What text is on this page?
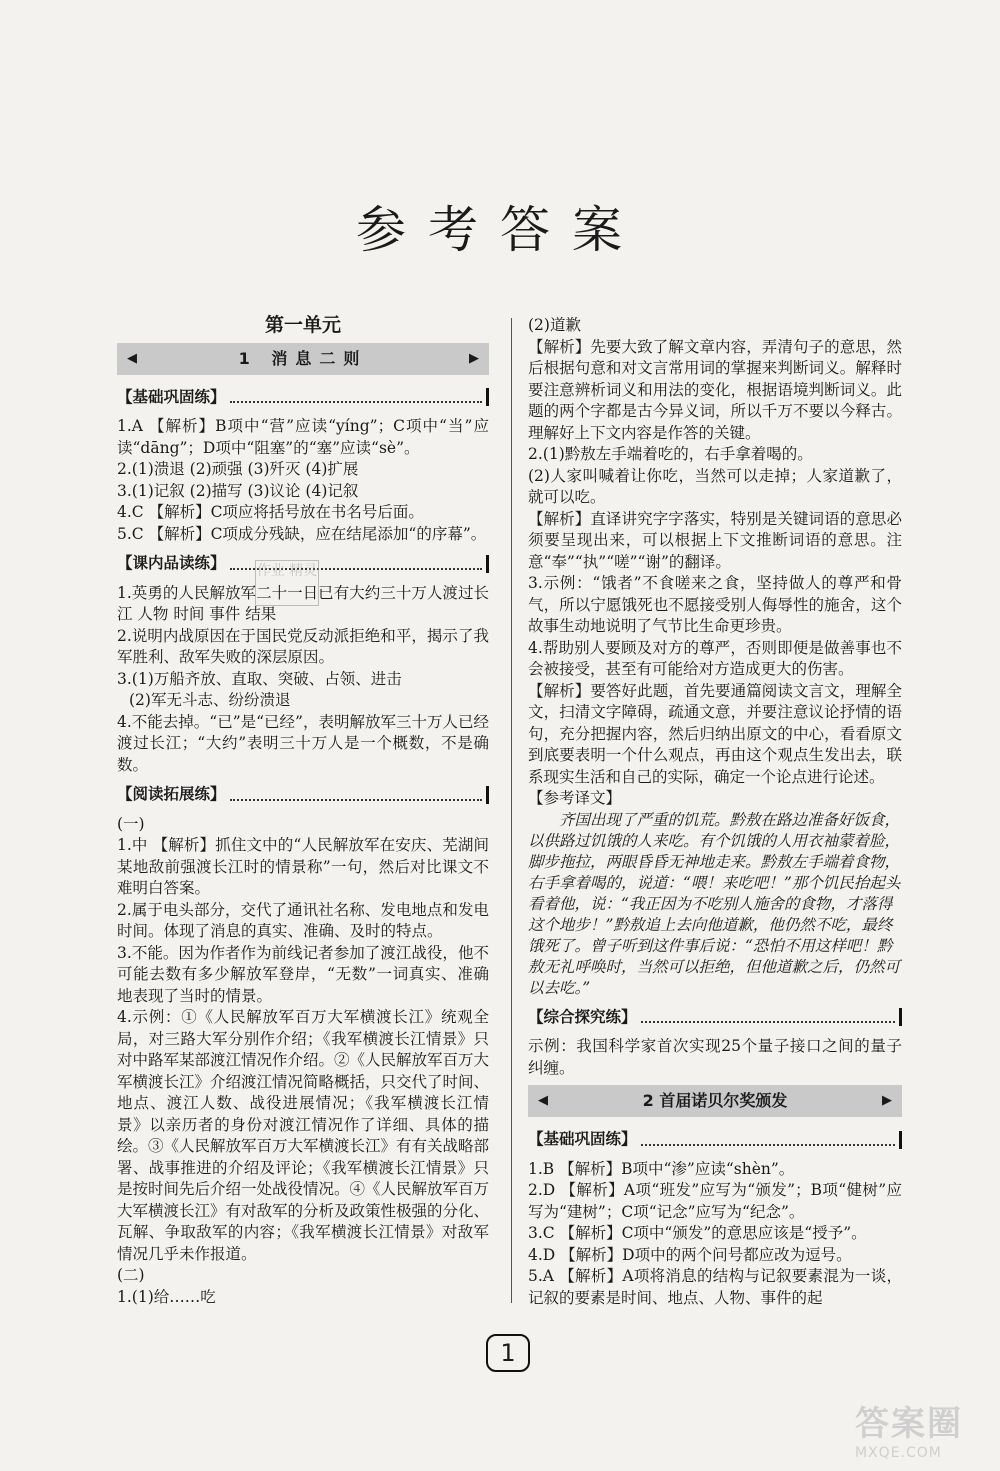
参考答案
第一单元
◀	1 消息二则	▶
【基础巩固练】

1.A 【解析】B项中“营”应读“yíng”；C项中“当”应读“dāng”；D项中“阻塞”的“塞”应读“sè”。

2.(1)溃退 (2)顽强 (3)歼灭 (4)扩展

3.(1)记叙 (2)描写 (3)议论 (4)记叙

4.C 【解析】C项应将括号放在书名号后面。

5.C 【解析】C项成分残缺，应在结尾添加“的序幕”。

【课内品读练】

1.英勇的人民解放军二十一日已有大约三十万人渡过长江 人物 时间 事件 结果

2.说明内战原因在于国民党反动派拒绝和平，揭示了我军胜利、敌军失败的深层原因。

3.(1)万船齐放、直取、突破、占领、进击

(2)军无斗志、纷纷溃退

4.不能去掉。“已”是“已经”，表明解放军三十万人已经渡过长江；“大约”表明三十万人是一个概数，不是确数。

【阅读拓展练】

(一)

1.中 【解析】抓住文中的“人民解放军在安庆、芜湖间某地敌前强渡长江时的情景称”一句，然后对比课文不难明白答案。

2.属于电头部分，交代了通讯社名称、发电地点和发电时间。体现了消息的真实、准确、及时的特点。

3.不能。因为作者作为前线记者参加了渡江战役，他不可能去数有多少解放军登岸，“无数”一词真实、准确地表现了当时的情景。

4.示例：①《人民解放军百万大军横渡长江》统观全局，对三路大军分别作介绍；《我军横渡长江情景》只对中路军某部渡江情况作介绍。②《人民解放军百万大军横渡长江》介绍渡江情况简略概括，只交代了时间、地点、渡江人数、战役进展情况；《我军横渡长江情景》以亲历者的身份对渡江情况作了详细、具体的描绘。③《人民解放军百万大军横渡长江》有有关战略部署、战事推进的介绍及评论；《我军横渡长江情景》只是按时间先后介绍一处战役情况。④《人民解放军百万大军横渡长江》有对敌军的分析及政策性极强的分化、瓦解、争取敌军的内容；《我军横渡长江情景》对敌军情况几乎未作报道。

(二)

1.(1)给……吃

(2)道歉

【解析】先要大致了解文章内容，弄清句子的意思，然后根据句意和对文言常用词的掌握来判断词义。解释时要注意辨析词义和用法的变化，根据语境判断词义。此题的两个字都是古今异义词，所以千万不要以今释古。理解好上下文内容是作答的关键。

2.(1)黔敖左手端着吃的，右手拿着喝的。

(2)人家叫喊着让你吃，当然可以走掉；人家道歉了，就可以吃。

【解析】直译讲究字字落实，特别是关键词语的意思必须要呈现出来，可以根据上下文推断词语的意思。注意“奉”“执”“嗟”“谢”的翻译。

3.示例：“饿者”不食嗟来之食，坚持做人的尊严和骨气，所以宁愿饿死也不愿接受别人侮辱性的施舍，这个故事生动地说明了气节比生命更珍贵。

4.帮助别人要顾及对方的尊严，否则即便是做善事也不会被接受，甚至有可能给对方造成更大的伤害。

【解析】要答好此题，首先要通篇阅读文言文，理解全文，扫清文字障碍，疏通文意，并要注意议论抒情的语句，充分把握内容，然后归纳出原文的中心，看看原文到底要表明一个什么观点，再由这个观点生发出去，联系现实生活和自己的实际，确定一个论点进行论述。

【参考译文】

齐国出现了严重的饥荒。黔敖在路边准备好饭食，以供路过饥饿的人来吃。有个饥饿的人用衣袖蒙着脸，脚步拖拉，两眼昏昏无神地走来。黔敖左手端着食物，右手拿着喝的，说道：“喂！来吃吧！”那个饥民抬起头看着他，说：“我正因为不吃别人施舍的食物，才落得这个地步！”黔敖追上去向他道歉，他仍然不吃，最终饿死了。曾子听到这件事后说：“恐怕不用这样吧！黔敖无礼呼唤时，当然可以拒绝，但他道歉之后，仍然可以去吃。”

【综合探究练】

示例：我国科学家首次实现25个量子接口之间的量子纠缠。

◀	2 首届诺贝尔奖颁发	▶
【基础巩固练】

1.B 【解析】B项中“渗”应读“shèn”。

2.D 【解析】A项“班发”应写为“颁发”；B项“健树”应写为“建树”；C项“记念”应写为“纪念”。

3.C 【解析】C项中“颁发”的意思应该是“授予”。

4.D 【解析】D项中的两个问号都应改为逗号。

5.A 【解析】A项将消息的结构与记叙要素混为一谈，记叙的要素是时间、地点、人物、事件的起

作业 精灵
1
答案圈
MXQE.COM
